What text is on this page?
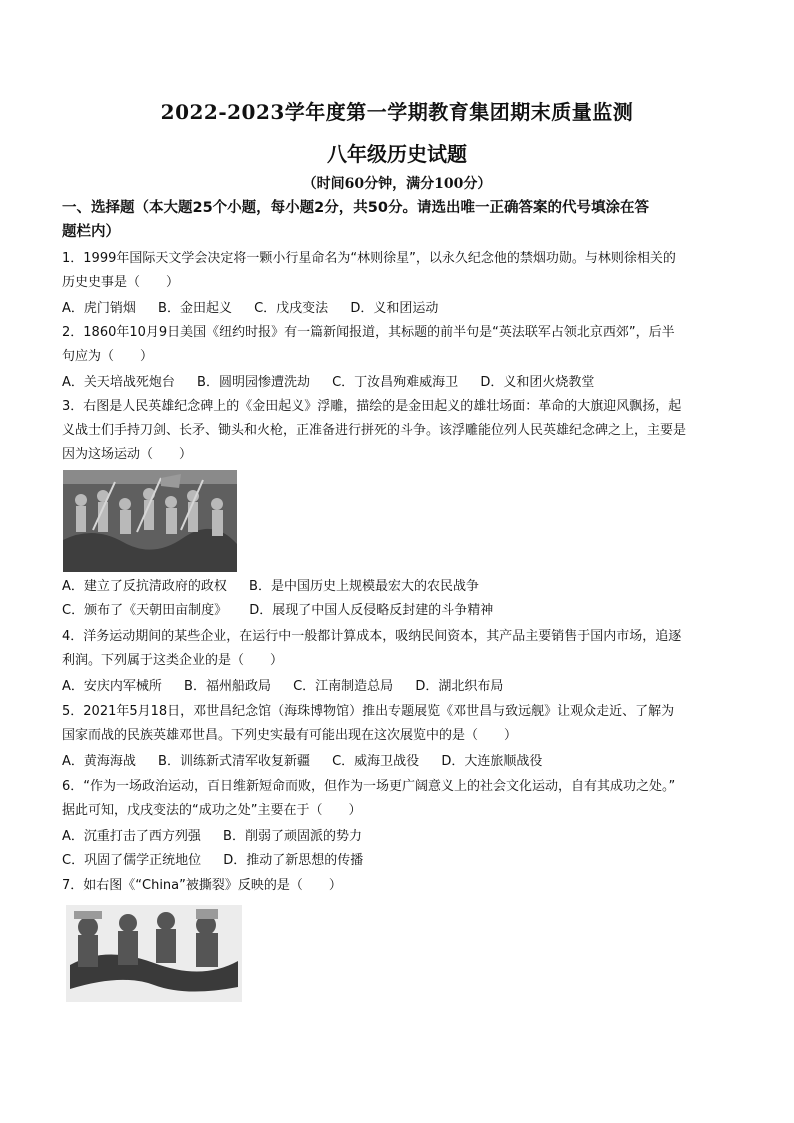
2022-2023学年度第一学期教育集团期末质量监测
八年级历史试题
（时间60分钟，满分100分）
一、选择题（本大题25个小题，每小题2分，共50分。请选出唯一正确答案的代号填涂在答
题栏内）
1．1999年国际天文学会决定将一颗小行星命名为“林则徐星”，以永久纪念他的禁烟功勋。与林则徐相关的
历史史事是（　　）
A．虎门销烟 B．金田起义 C．戊戌变法 D．义和团运动
2．1860年10月9日美国《纽约时报》有一篇新闻报道，其标题的前半句是“英法联军占领北京西郊”，后半
句应为（　　）
A．关天培战死炮台 B．圆明园惨遭洗劫 C．丁汝昌殉难威海卫 D．义和团火烧教堂
3．右图是人民英雄纪念碑上的《金田起义》浮雕，描绘的是金田起义的雄壮场面：革命的大旗迎风飘扬，起
义战士们手持刀剑、长矛、锄头和火枪，正准备进行拼死的斗争。该浮雕能位列人民英雄纪念碑之上，主要是
因为这场运动（　　）
A．建立了反抗清政府的政权 B．是中国历史上规模最宏大的农民战争
C．颁布了《天朝田亩制度》 D．展现了中国人反侵略反封建的斗争精神
4．洋务运动期间的某些企业，在运行中一般都计算成本，吸纳民间资本，其产品主要销售于国内市场，追逐
利润。下列属于这类企业的是（　　）
A．安庆内军械所 B．福州船政局 C．江南制造总局 D．湖北织布局
5．2021年5月18日，邓世昌纪念馆（海珠博物馆）推出专题展览《邓世昌与致远舰》让观众走近、了解为
国家而战的民族英雄邓世昌。下列史实最有可能出现在这次展览中的是（　　）
A．黄海海战 B．训练新式清军收复新疆 C．威海卫战役 D．大连旅顺战役
6．“作为一场政治运动，百日维新短命而败，但作为一场更广阔意义上的社会文化运动，自有其成功之处。”
据此可知，戊戌变法的“成功之处”主要在于（　　）
A．沉重打击了西方列强 B．削弱了顽固派的势力
C．巩固了儒学正统地位 D．推动了新思想的传播
7．如右图《“China”被撕裂》反映的是（　　）
